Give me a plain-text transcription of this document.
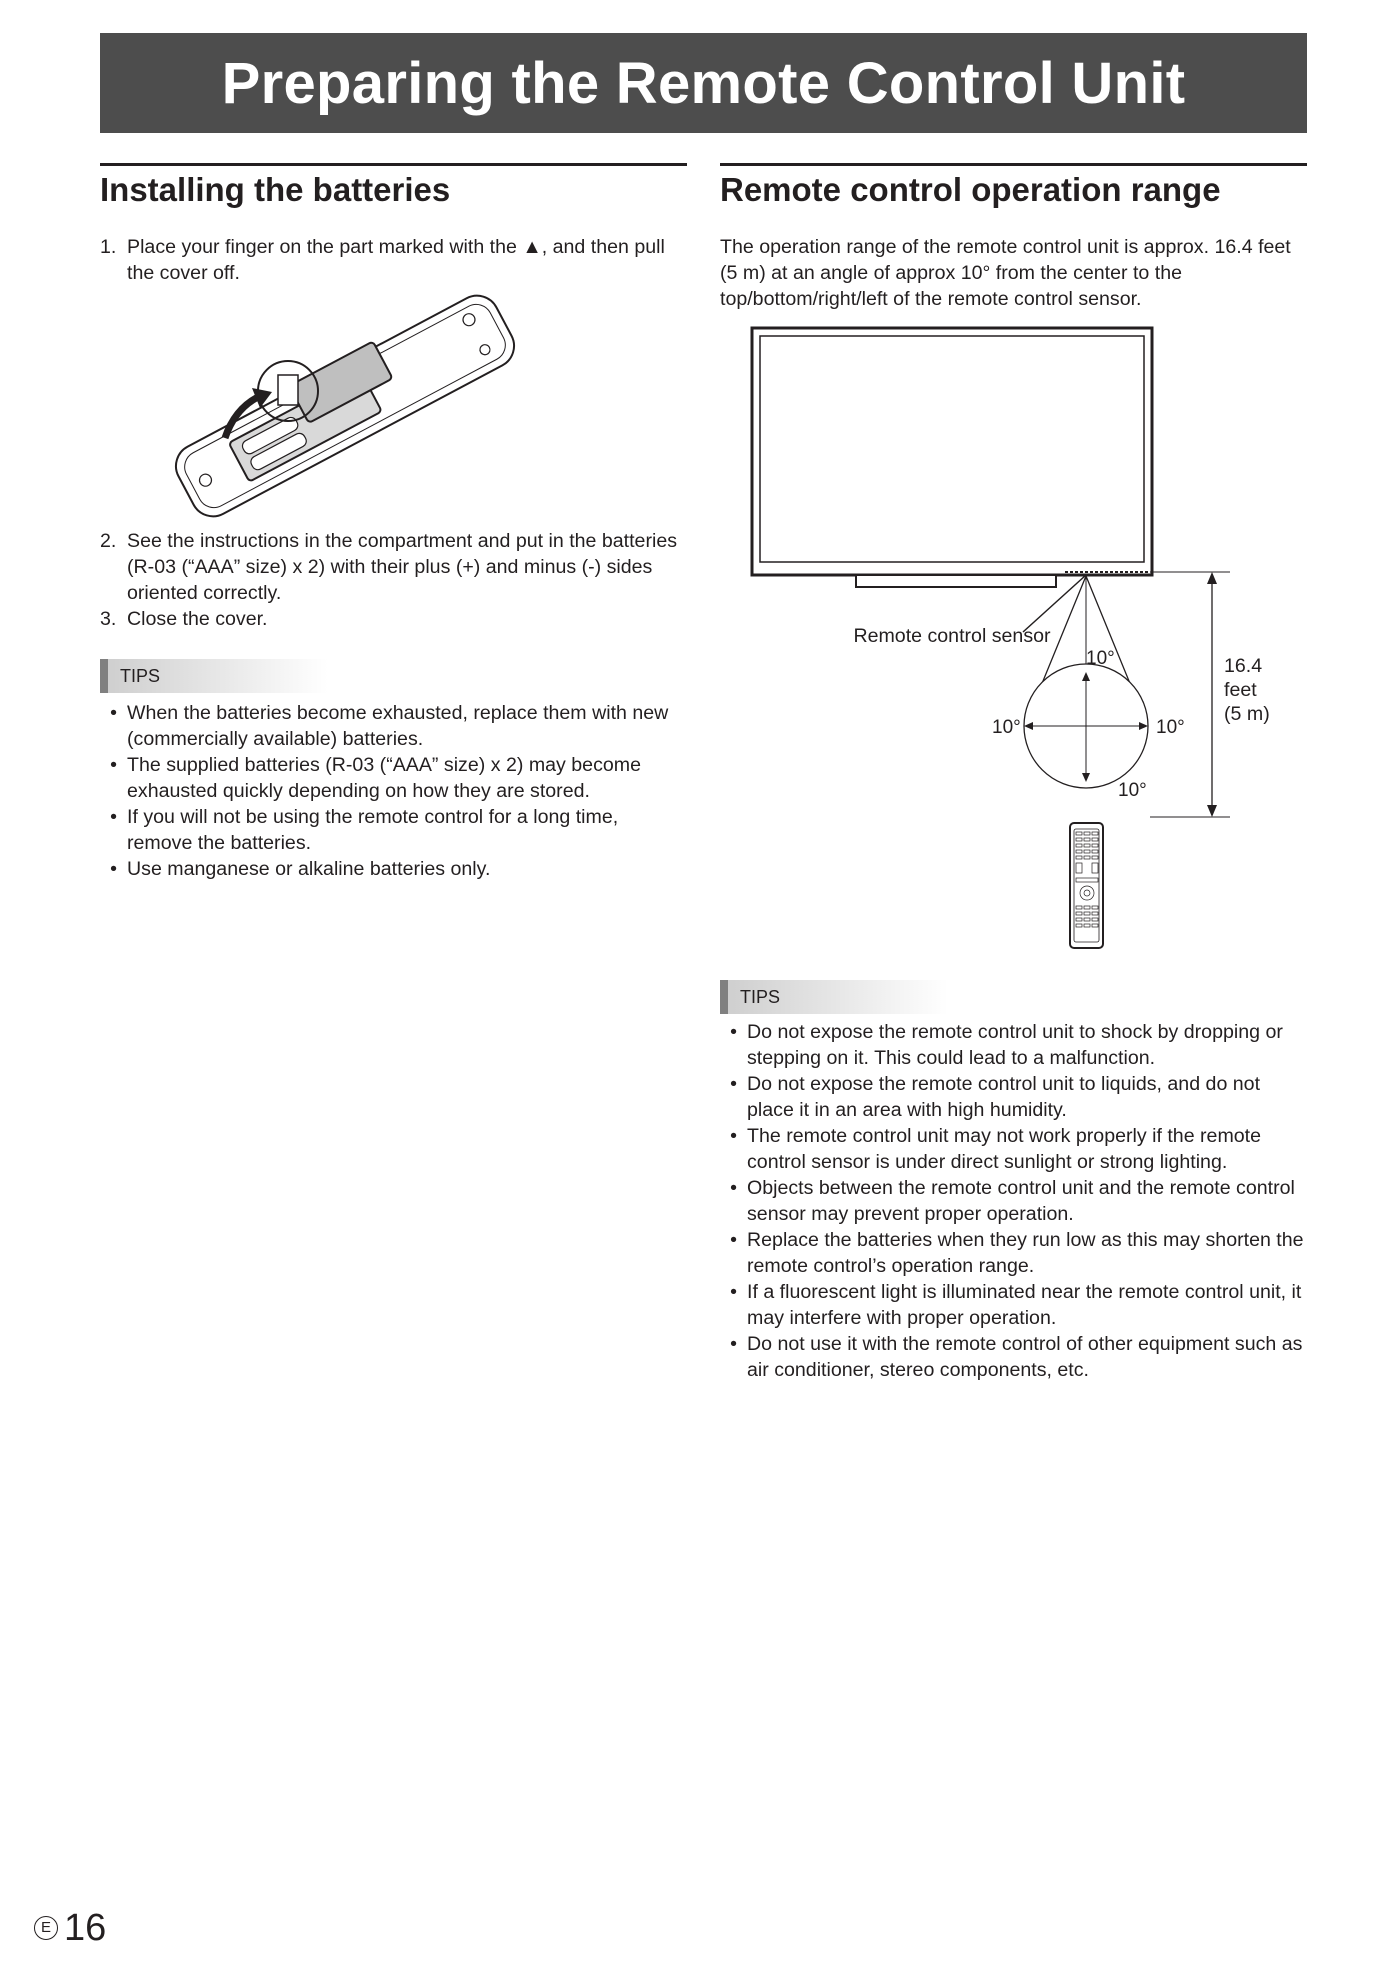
Preparing the Remote Control Unit
Installing the batteries
1. Place your finger on the part marked with the ▲, and then pull the cover off.
2. See the instructions in the compartment and put in the batteries (R-03 (“AAA” size) x 2) with their plus (+) and minus (-) sides oriented correctly.
3. Close the cover.
TIPS
• When the batteries become exhausted, replace them with new (commercially available) batteries.
• The supplied batteries (R-03 (“AAA” size) x 2) may become exhausted quickly depending on how they are stored.
• If you will not be using the remote control for a long time, remove the batteries.
• Use manganese or alkaline batteries only.
Remote control operation range
The operation range of the remote control unit is approx. 16.4 feet (5 m) at an angle of approx 10° from the center to the top/bottom/right/left of the remote control sensor.
Remote control sensor
10°
10°	10°
10°
16.4
feet
(5 m)
TIPS
• Do not expose the remote control unit to shock by dropping or stepping on it. This could lead to a malfunction.
• Do not expose the remote control unit to liquids, and do not place it in an area with high humidity.
• The remote control unit may not work properly if the remote control sensor is under direct sunlight or strong lighting.
• Objects between the remote control unit and the remote control sensor may prevent proper operation.
• Replace the batteries when they run low as this may shorten the remote control’s operation range.
• If a fluorescent light is illuminated near the remote control unit, it may interfere with proper operation.
• Do not use it with the remote control of other equipment such as air conditioner, stereo components, etc.
E 16
